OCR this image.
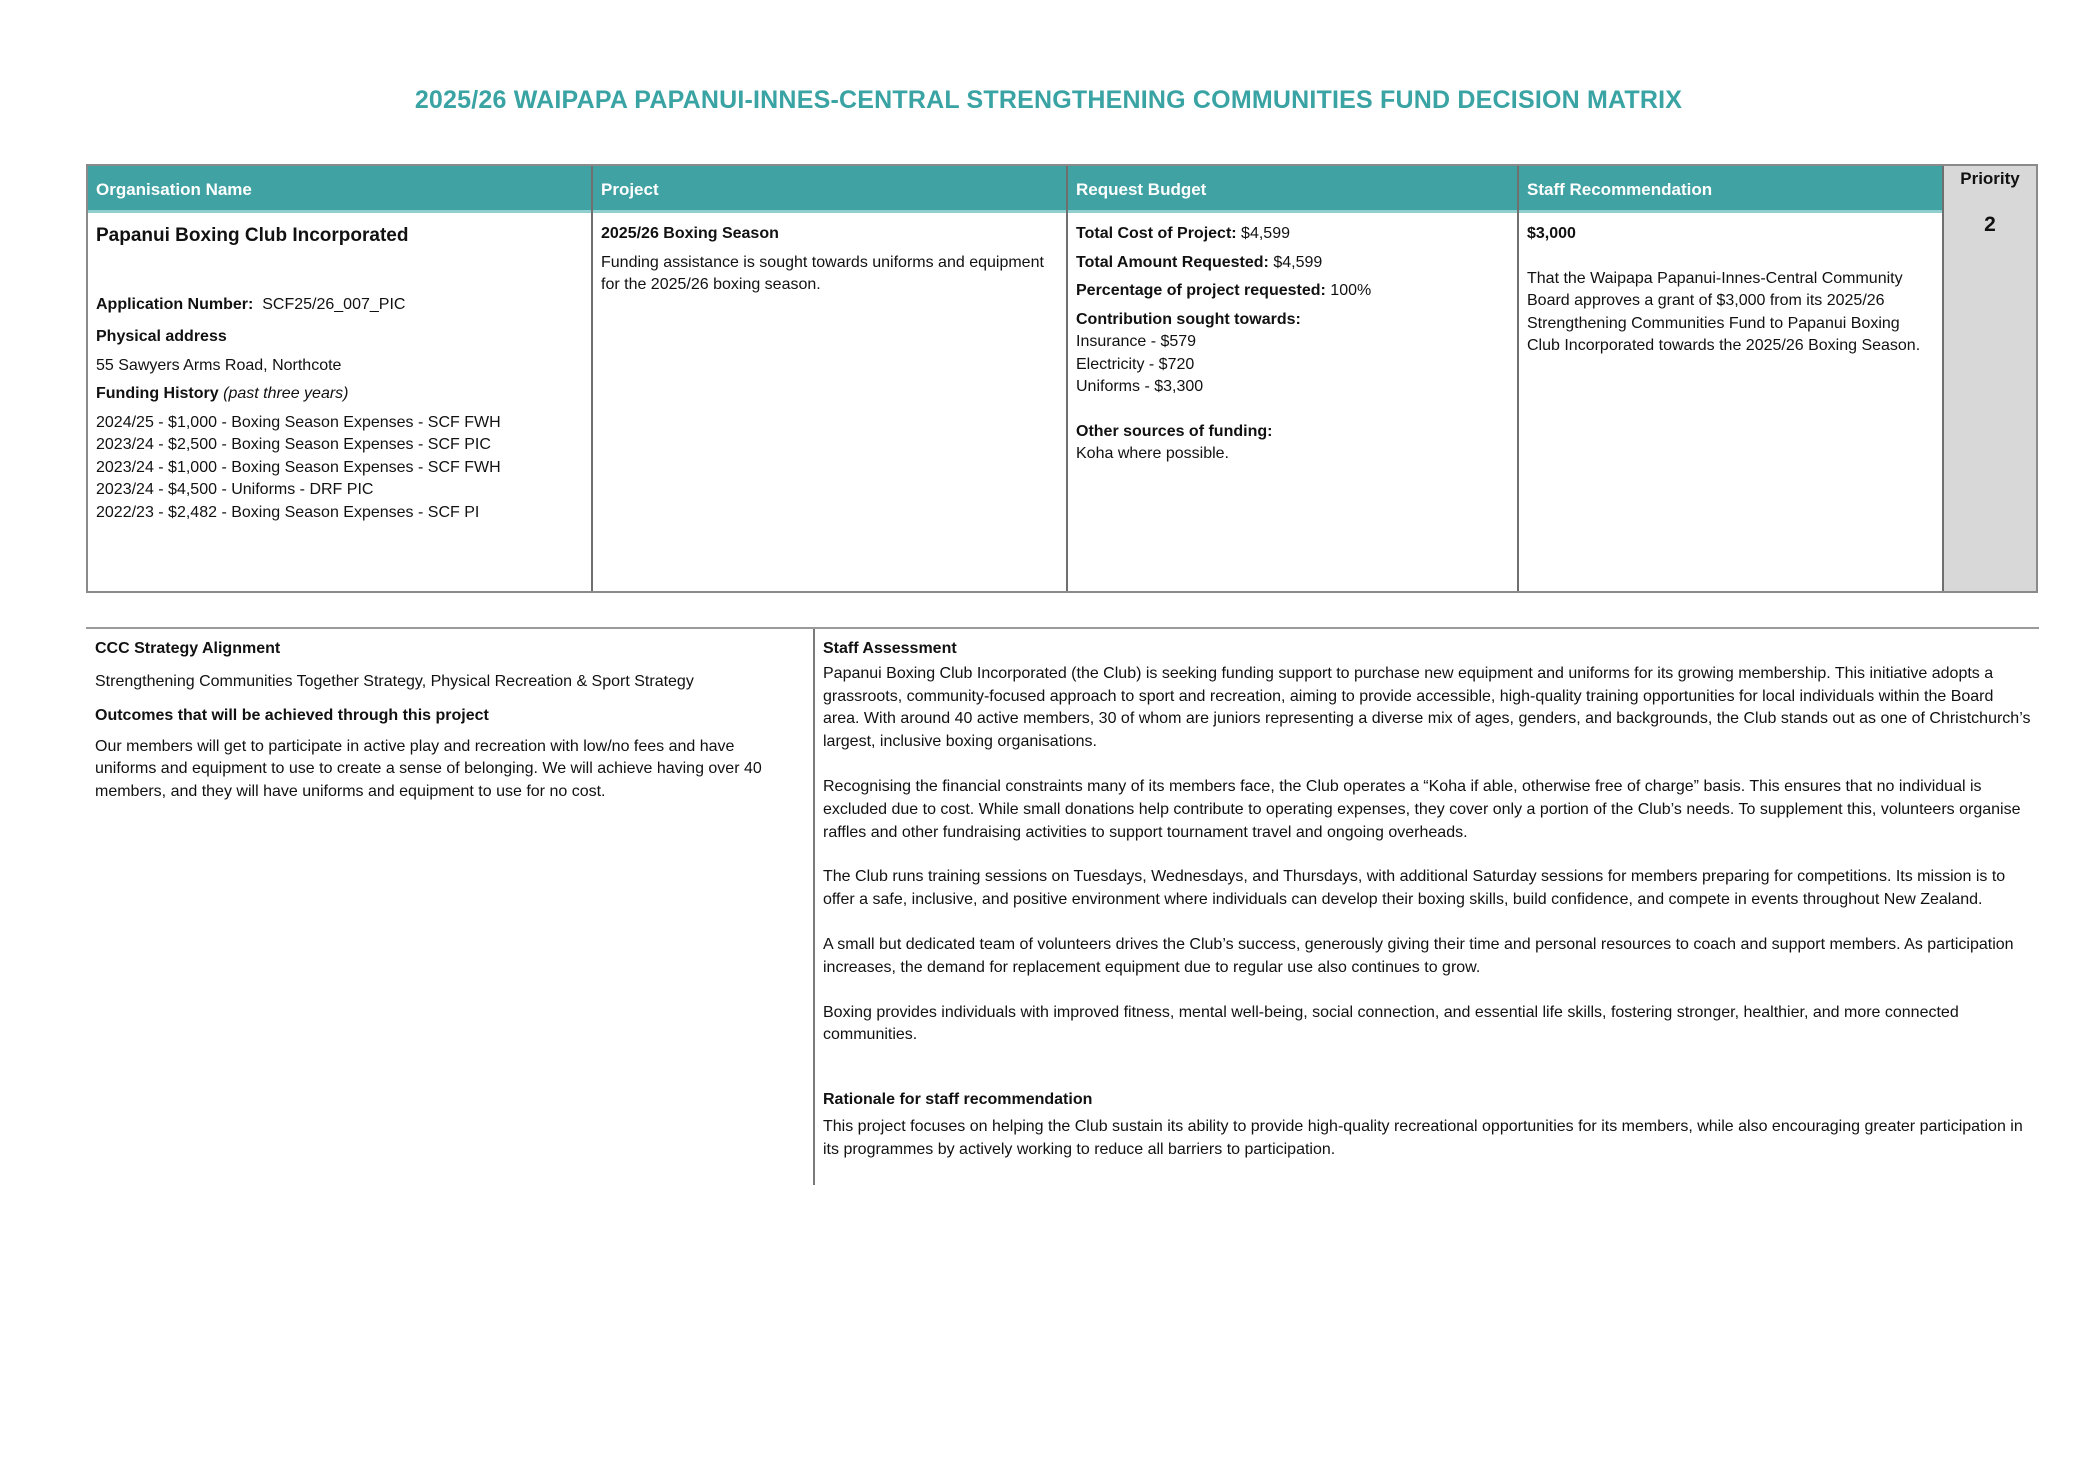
2025/26 WAIPAPA PAPANUI-INNES-CENTRAL STRENGTHENING COMMUNITIES FUND DECISION MATRIX
Organisation Name
Papanui Boxing Club Incorporated
Application Number: SCF25/26_007_PIC
Physical address
55 Sawyers Arms Road, Northcote
Funding History (past three years)
2024/25 - $1,000 - Boxing Season Expenses - SCF FWH
2023/24 - $2,500 - Boxing Season Expenses - SCF PIC
2023/24 - $1,000 - Boxing Season Expenses - SCF FWH
2023/24 - $4,500 - Uniforms - DRF PIC
2022/23 - $2,482 - Boxing Season Expenses - SCF PI
Project
2025/26 Boxing Season
Funding assistance is sought towards uniforms and equipment for the 2025/26 boxing season.
Request Budget
Total Cost of Project: $4,599
Total Amount Requested: $4,599
Percentage of project requested: 100%
Contribution sought towards:
Insurance - $579
Electricity - $720
Uniforms - $3,300
Other sources of funding:
Koha where possible.
Staff Recommendation
$3,000
That the Waipapa Papanui-Innes-Central Community Board approves a grant of $3,000 from its 2025/26 Strengthening Communities Fund to Papanui Boxing Club Incorporated towards the 2025/26 Boxing Season.
Priority
2
CCC Strategy Alignment
Strengthening Communities Together Strategy, Physical Recreation & Sport Strategy
Outcomes that will be achieved through this project
Our members will get to participate in active play and recreation with low/no fees and have uniforms and equipment to use to create a sense of belonging. We will achieve having over 40 members, and they will have uniforms and equipment to use for no cost.
Staff Assessment
Papanui Boxing Club Incorporated (the Club) is seeking funding support to purchase new equipment and uniforms for its growing membership. This initiative adopts a grassroots, community-focused approach to sport and recreation, aiming to provide accessible, high-quality training opportunities for local individuals within the Board area. With around 40 active members, 30 of whom are juniors representing a diverse mix of ages, genders, and backgrounds, the Club stands out as one of Christchurch’s largest, inclusive boxing organisations.
Recognising the financial constraints many of its members face, the Club operates a “Koha if able, otherwise free of charge” basis. This ensures that no individual is excluded due to cost. While small donations help contribute to operating expenses, they cover only a portion of the Club’s needs. To supplement this, volunteers organise raffles and other fundraising activities to support tournament travel and ongoing overheads.
The Club runs training sessions on Tuesdays, Wednesdays, and Thursdays, with additional Saturday sessions for members preparing for competitions. Its mission is to offer a safe, inclusive, and positive environment where individuals can develop their boxing skills, build confidence, and compete in events throughout New Zealand.
A small but dedicated team of volunteers drives the Club’s success, generously giving their time and personal resources to coach and support members. As participation increases, the demand for replacement equipment due to regular use also continues to grow.
Boxing provides individuals with improved fitness, mental well-being, social connection, and essential life skills, fostering stronger, healthier, and more connected communities.
Rationale for staff recommendation
This project focuses on helping the Club sustain its ability to provide high-quality recreational opportunities for its members, while also encouraging greater participation in its programmes by actively working to reduce all barriers to participation.
